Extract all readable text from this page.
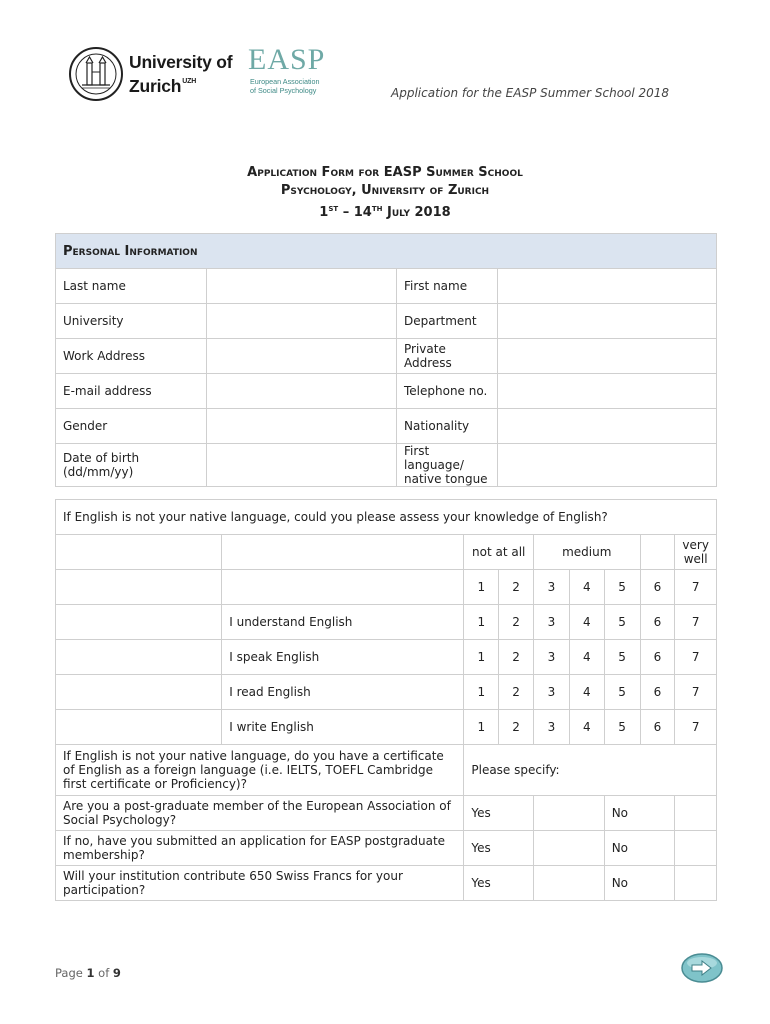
University of
Zurich$^{UZH}$
EASP
European Association
of Social Psychology	Application for the EASP Summer School 2018
Application Form for EASP Summer School
Psychology, University of Zurich
1ST – 14TH July 2018
Personal Information			
Last name		First name	
University		Department	
Work Address		Private Address	
E-mail address		Telephone no.	
Gender		Nationality	
Date of birth (dd/mm/yy)		First language/ native tongue	
If English is not your native language, could you please assess your knowledge of English?								
		not at all		medium				very well
		1	2	3	4	5	6	7
	I understand English	1	2	3	4	5	6	7
	I speak English	1	2	3	4	5	6	7
	I read English	1	2	3	4	5	6	7
	I write English	1	2	3	4	5	6	7
If English is not your native language, do you have a certificate of English as a foreign language (i.e. IELTS, TOEFL Cambridge first certificate or Proficiency)?		Please specify:						
Are you a post-graduate member of the European Association of Social Psychology?		Yes				No		
If no, have you submitted an application for EASP postgraduate membership?		Yes				No		
Will your institution contribute 650 Swiss Francs for your participation?		Yes				No		
Page 1 of 9
